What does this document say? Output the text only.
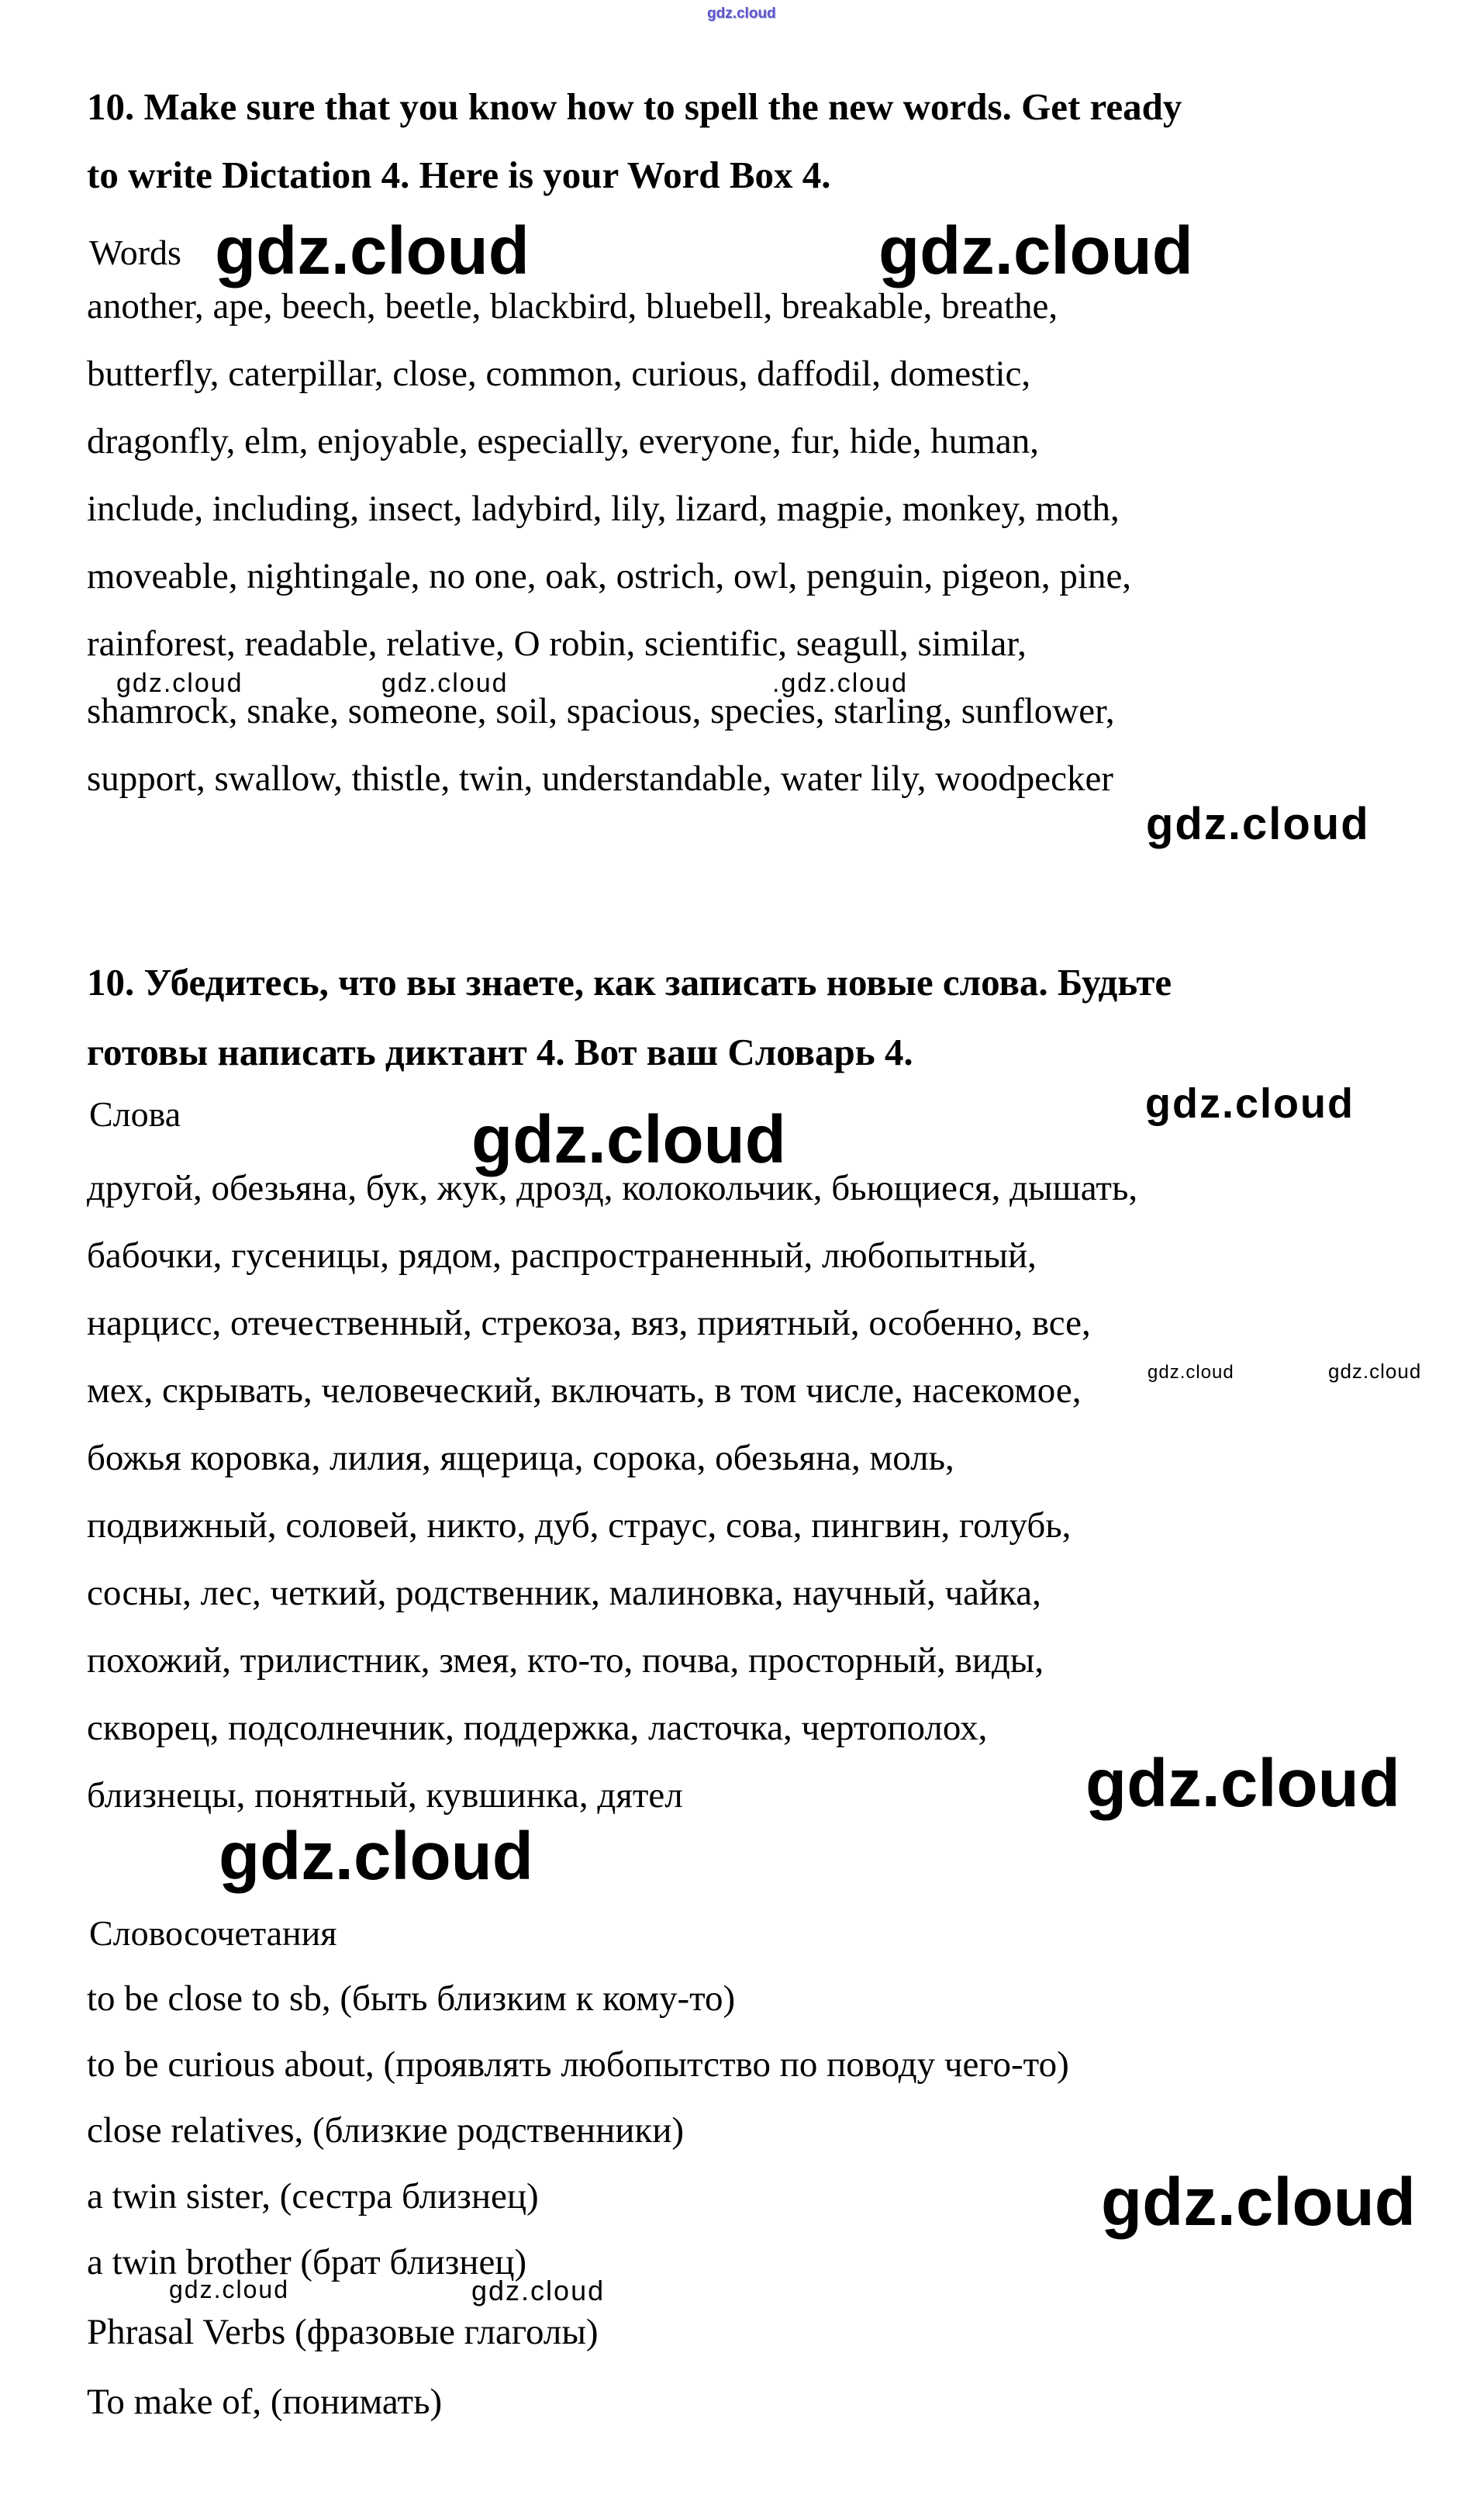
10. Make sure that you know how to spell the new words. Get ready
to write Dictation 4. Here is your Word Box 4.
Words
another, ape, beech, beetle, blackbird, bluebell, breakable, breathe,
butterfly, caterpillar, close, common, curious, daffodil, domestic,
dragonfly, elm, enjoyable, especially, everyone, fur, hide, human,
include, including, insect, ladybird, lily, lizard, magpie, monkey, moth,
moveable, nightingale, no one, oak, ostrich, owl, penguin, pigeon, pine,
rainforest, readable, relative, O robin, scientific, seagull, similar,
shamrock, snake, someone, soil, spacious, species, starling, sunflower,
support, swallow, thistle, twin, understandable, water lily, woodpecker
10. Убедитесь, что вы знаете, как записать новые слова. Будьте
готовы написать диктант 4. Вот ваш Словарь 4.
Слова
другой, обезьяна, бук, жук, дрозд, колокольчик, бьющиеся, дышать,
бабочки, гусеницы, рядом, распространенный, любопытный,
нарцисс, отечественный, стрекоза, вяз, приятный, особенно, все,
мех, скрывать, человеческий, включать, в том числе, насекомое,
божья коровка, лилия, ящерица, сорока, обезьяна, моль,
подвижный, соловей, никто, дуб, страус, сова, пингвин, голубь,
сосны, лес, четкий, родственник, малиновка, научный, чайка,
похожий, трилистник, змея, кто-то, почва, просторный, виды,
скворец, подсолнечник, поддержка, ласточка, чертополох,
близнецы, понятный, кувшинка, дятел
Словосочетания
to be close to sb, (быть близким к кому-то)
to be curious about, (проявлять любопытство по поводу чего-то)
close relatives, (близкие родственники)
a twin sister, (сестра близнец)
a twin brother (брат близнец)
Phrasal Verbs (фразовые глаголы)
To make of, (понимать)
gdz.cloud
gdz.cloud	gdz.cloud
gdz.cloud	gdz.cloud	.gdz.cloud
gdz.cloud
gdz.cloud	gdz.cloud
gdz.cloud	gdz.cloud
gdz.cloud
gdz.cloud
gdz.cloud
gdz.cloud	gdz.cloud
